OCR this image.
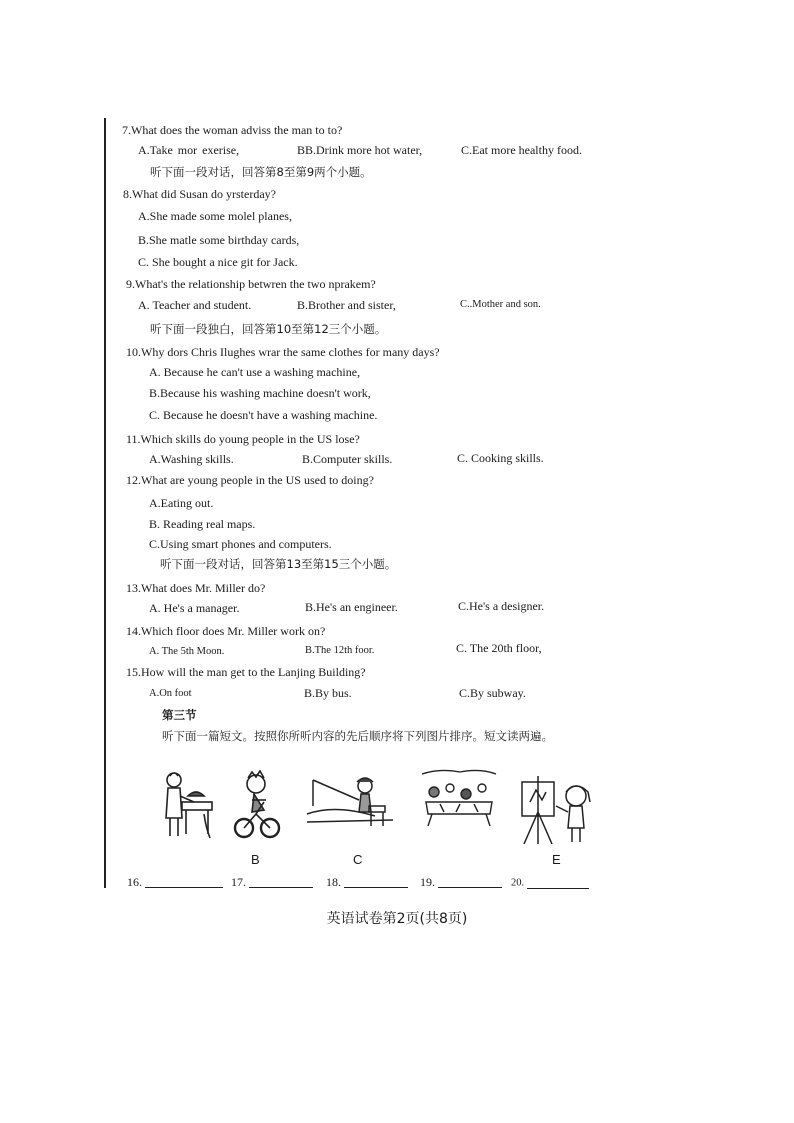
7.What does the woman adviss the man to to?
A.Take mor exerise,	BB.Drink more hot water,	C.Eat more healthy food.
听下面一段对话，回答第8至第9两个小题。
8.What did Susan do yrsterday?
A.She made some molel planes,
B.She matle some birthday cards,
C. She bought a nice git for Jack.
9.What's the relationship betwren the two nprakem?
A. Teacher and student.	B.Brother and sister,	C..Mother and son.
听下面一段独白，回答第10至第12三个小题。
10.Why dors Chris Ilughes wrar the same clothes for many days?
A. Because he can't use a washing machine,
B.Because his washing machine doesn't work,
C. Because he doesn't have a washing machine.
11.Which skills do young people in the US lose?
A.Washing skills.	B.Computer skills.	C. Cooking skills.
12.What are young people in the US used to doing?
A.Eating out.
B. Reading real maps.
C.Using smart phones and computers.
听下面一段对话，回答第13至第15三个小题。
13.What does Mr. Miller do?
A. He's a manager.	B.He's an engineer.	C.He's a designer.
14.Which floor does Mr. Miller work on?
A. The 5th Moon.	B.The 12th foor.	C. The 20th floor,
15.How will the man get to the Lanjing Building?
A.On foot	B.By bus.	C.By subway.
第三节
听下面一篇短文。按照你所听内容的先后顺序将下列图片排序。短文读两遍。
B	C	E
16.	17.	18.	19.	20.
英语试卷第2页(共8页)
